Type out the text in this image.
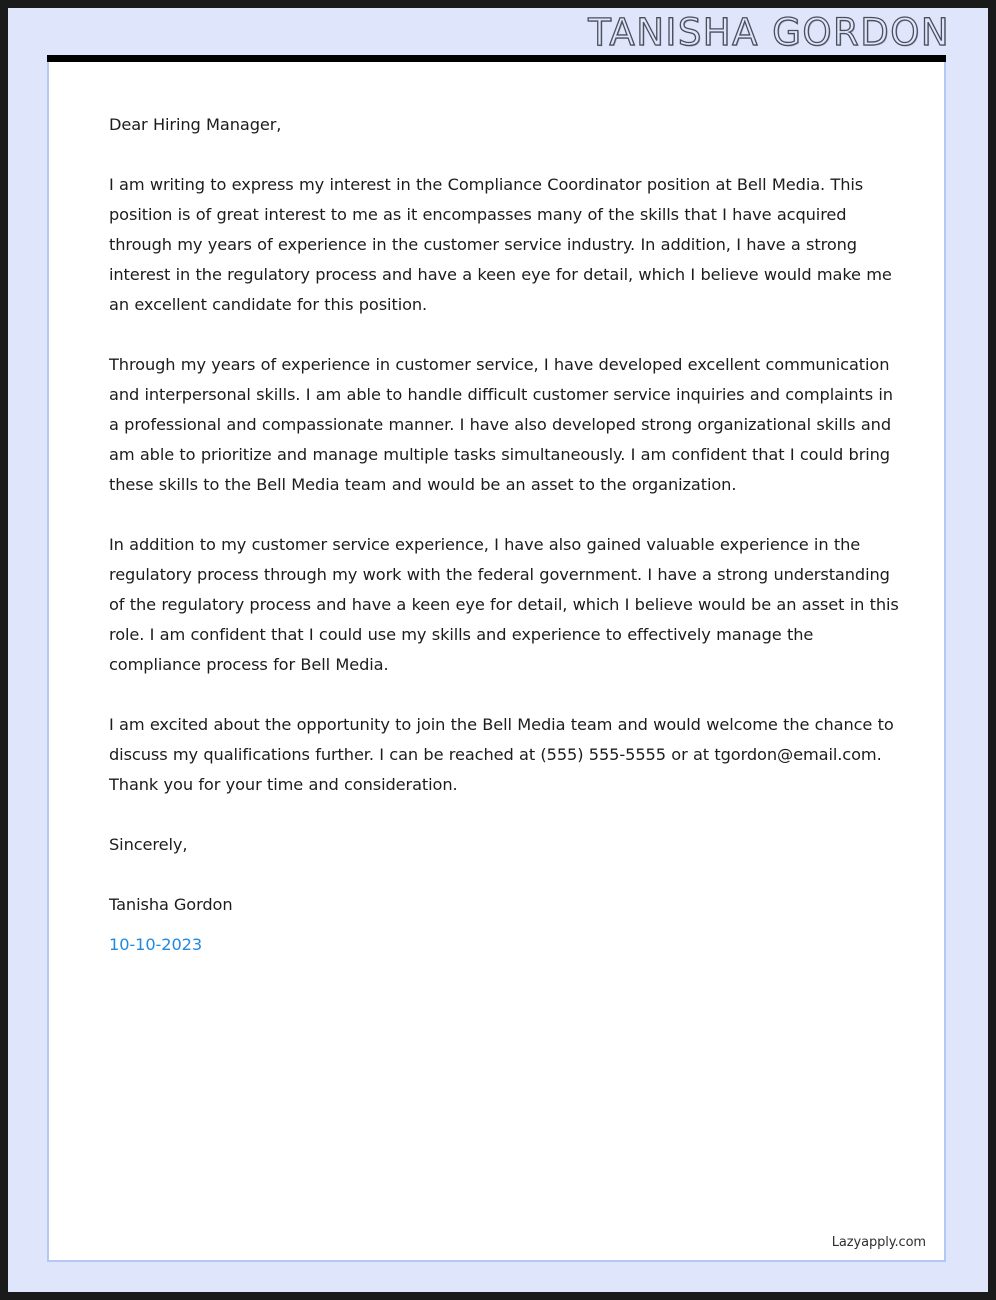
TANISHA GORDON

Dear Hiring Manager,

I am writing to express my interest in the Compliance Coordinator position at Bell Media. This position is of great interest to me as it encompasses many of the skills that I have acquired through my years of experience in the customer service industry. In addition, I have a strong interest in the regulatory process and have a keen eye for detail, which I believe would make me an excellent candidate for this position.

Through my years of experience in customer service, I have developed excellent communication and interpersonal skills. I am able to handle difficult customer service inquiries and complaints in a professional and compassionate manner. I have also developed strong organizational skills and am able to prioritize and manage multiple tasks simultaneously. I am confident that I could bring these skills to the Bell Media team and would be an asset to the organization.

In addition to my customer service experience, I have also gained valuable experience in the regulatory process through my work with the federal government. I have a strong understanding of the regulatory process and have a keen eye for detail, which I believe would be an asset in this role. I am confident that I could use my skills and experience to effectively manage the compliance process for Bell Media.

I am excited about the opportunity to join the Bell Media team and would welcome the chance to discuss my qualifications further. I can be reached at (555) 555-5555 or at tgordon@email.com. Thank you for your time and consideration.

Sincerely,

Tanisha Gordon

10-10-2023

Lazyapply.com
